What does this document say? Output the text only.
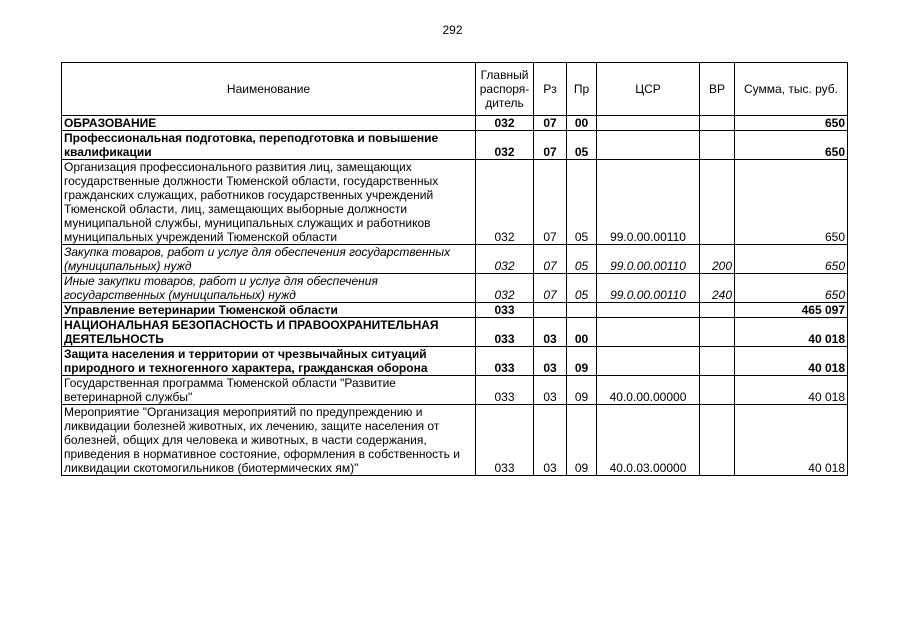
292
Наименование	Главный распоря-дитель	Рз	Пр	ЦСР	ВР	Сумма, тыс. руб.
ОБРАЗОВАНИЕ	032	07	00			650
Профессиональная подготовка, переподготовка и повышение квалификации	032	07	05			650
Организация профессионального развития лиц, замещающих государственные должности Тюменской области, государственных гражданских служащих, работников государственных учреждений Тюменской области, лиц, замещающих выборные должности муниципальной службы, муниципальных служащих и работников муниципальных учреждений Тюменской области	032	07	05	99.0.00.00110		650
Закупка товаров, работ и услуг для обеспечения государственных (муниципальных) нужд	032	07	05	99.0.00.00110	200	650
Иные закупки товаров, работ и услуг для обеспечения государственных (муниципальных) нужд	032	07	05	99.0.00.00110	240	650
Управление ветеринарии Тюменской области	033					465 097
НАЦИОНАЛЬНАЯ БЕЗОПАСНОСТЬ И ПРАВООХРАНИТЕЛЬНАЯ ДЕЯТЕЛЬНОСТЬ	033	03	00			40 018
Защита населения и территории от чрезвычайных ситуаций природного и техногенного характера, гражданская оборона	033	03	09			40 018
Государственная программа Тюменской области "Развитие ветеринарной службы"	033	03	09	40.0.00.00000		40 018
Мероприятие "Организация мероприятий по предупреждению и ликвидации болезней животных, их лечению, защите населения от болезней, общих для человека и животных, в части содержания, приведения в нормативное состояние, оформления в собственность и ликвидации скотомогильников (биотермических ям)"	033	03	09	40.0.03.00000		40 018
